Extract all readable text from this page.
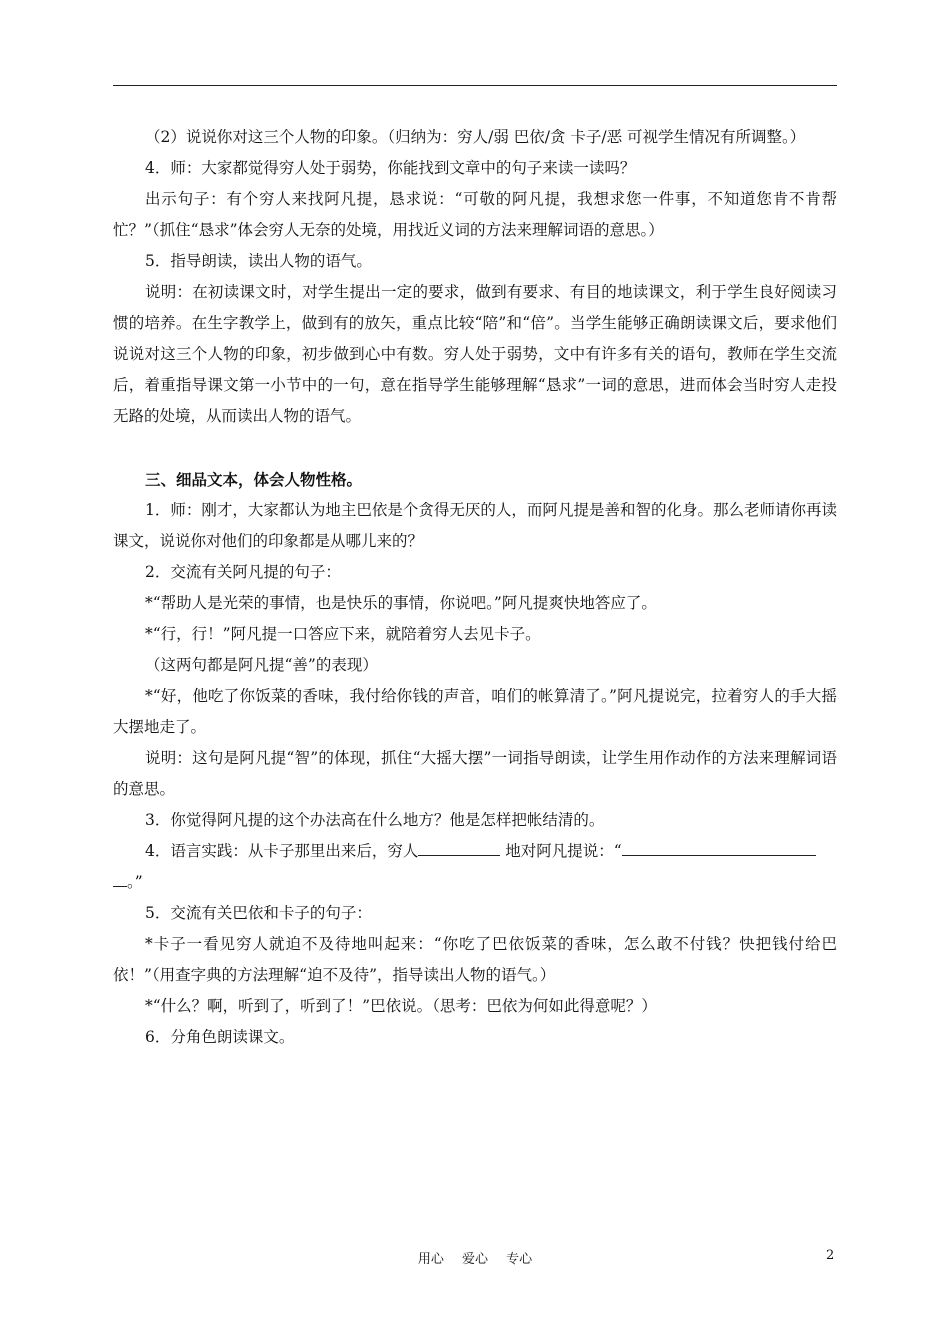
（2）说说你对这三个人物的印象。（归纳为：穷人/弱 巴依/贪 卡子/恶 可视学生情况有所调整。）

4．师：大家都觉得穷人处于弱势，你能找到文章中的句子来读一读吗？

出示句子：有个穷人来找阿凡提，恳求说：“可敬的阿凡提，我想求您一件事，不知道您肯不肯帮忙？”（抓住“恳求”体会穷人无奈的处境，用找近义词的方法来理解词语的意思。）

5．指导朗读，读出人物的语气。

说明：在初读课文时，对学生提出一定的要求，做到有要求、有目的地读课文，利于学生良好阅读习惯的培养。在生字教学上，做到有的放矢，重点比较“陪”和“倍”。当学生能够正确朗读课文后，要求他们说说对这三个人物的印象，初步做到心中有数。穷人处于弱势，文中有许多有关的语句，教师在学生交流后，着重指导课文第一小节中的一句，意在指导学生能够理解“恳求”一词的意思，进而体会当时穷人走投无路的处境，从而读出人物的语气。

三、细品文本，体会人物性格。

1．师：刚才，大家都认为地主巴依是个贪得无厌的人，而阿凡提是善和智的化身。那么老师请你再读课文，说说你对他们的印象都是从哪儿来的？

2．交流有关阿凡提的句子：

*“帮助人是光荣的事情，也是快乐的事情，你说吧。”阿凡提爽快地答应了。

*“行，行！”阿凡提一口答应下来，就陪着穷人去见卡子。

（这两句都是阿凡提“善”的表现）

*“好，他吃了你饭菜的香味，我付给你钱的声音，咱们的帐算清了。”阿凡提说完，拉着穷人的手大摇大摆地走了。

说明：这句是阿凡提“智”的体现，抓住“大摇大摆”一词指导朗读，让学生用作动作的方法来理解词语的意思。

3．你觉得阿凡提的这个办法高在什么地方？他是怎样把帐结清的。

4．语言实践：从卡子那里出来后，穷人	地对阿凡提说：“
。”

5．交流有关巴依和卡子的句子：

*卡子一看见穷人就迫不及待地叫起来：“你吃了巴依饭菜的香味，怎么敢不付钱？快把钱付给巴依！”（用查字典的方法理解“迫不及待”，指导读出人物的语气。）

*“什么？啊，听到了，听到了！”巴依说。（思考：巴依为何如此得意呢？）

6．分角色朗读课文。

用心 爱心 专心	2
